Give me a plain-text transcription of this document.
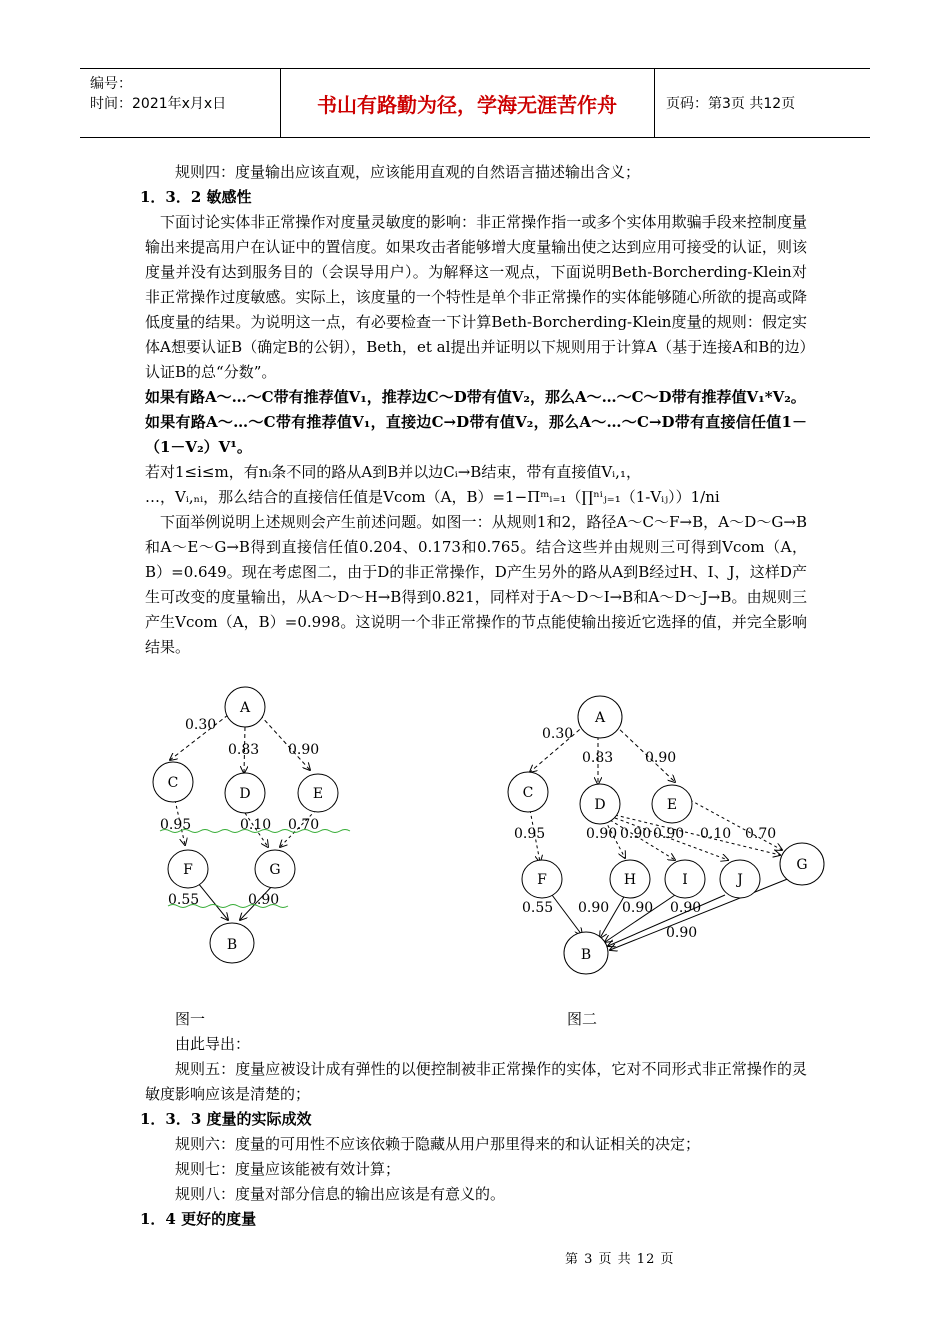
编号：
时间：2021年x月x日	书山有路勤为径，学海无涯苦作舟	页码：第3页 共12页

规则四：度量输出应该直观，应该能用直观的自然语言描述输出含义；

1．3．2 敏感性

下面讨论实体非正常操作对度量灵敏度的影响：非正常操作指一或多个实体用欺骗手段来控制度量输出来提高用户在认证中的置信度。如果攻击者能够增大度量输出使之达到应用可接受的认证，则该度量并没有达到服务目的（会误导用户）。为解释这一观点，下面说明Beth-Borcherding-Klein对非正常操作过度敏感。实际上，该度量的一个特性是单个非正常操作的实体能够随心所欲的提高或降低度量的结果。为说明这一点，有必要检查一下计算Beth-Borcherding-Klein度量的规则：假定实体A想要认证B（确定B的公钥），Beth，et al提出并证明以下规则用于计算A（基于连接A和B的边）认证B的总“分数”。

如果有路A～…～C带有推荐值V₁，推荐边C～D带有值V₂，那么A～…～C～D带有推荐值V₁*V₂。

如果有路A～…～C带有推荐值V₁，直接边C→D带有值V₂，那么A～…～C→D带有直接信任值1－（1－V₂）V¹。

若对1≤i≤m，有nᵢ条不同的路从A到B并以边Cᵢ→B结束，带有直接值Vᵢ,₁，

…，Vᵢ,ₙᵢ，那么结合的直接信任值是Vcom（A，B）=1−Πᵐᵢ₌₁（∏ⁿⁱⱼ₌₁（1-Vᵢⱼ））1/ni

下面举例说明上述规则会产生前述问题。如图一：从规则1和2，路径A～C～F→B，A～D～G→B和A～E～G→B得到直接信任值0.204、0.173和0.765。结合这些并由规则三可得到Vcom（A，B）=0.649。现在考虑图二，由于D的非正常操作，D产生另外的路从A到B经过H、I、J，这样D产生可改变的度量输出，从A～D～H→B得到0.821，同样对于A～D～I→B和A～D～J→B。由规则三产生Vcom（A，B）=0.998。这说明一个非正常操作的节点能使输出接近它选择的值，并完全影响结果。

A
C
D	E
F	G
B
0.30
0.83 0.90
0.95	0.10 0.70
0.55	0.90
A
C
D	E
F	H	I	J
G
B
0.30
0.83 0.90
0.95	0.90 0.90 0.90 0.10 0.70
0.55 0.90 0.90 0.90
0.90
图一	图二

由此导出：

规则五：度量应被设计成有弹性的以便控制被非正常操作的实体，它对不同形式非正常操作的灵敏度影响应该是清楚的；

1．3．3 度量的实际成效

规则六：度量的可用性不应该依赖于隐藏从用户那里得来的和认证相关的决定；

规则七：度量应该能被有效计算；

规则八：度量对部分信息的输出应该是有意义的。

1．4 更好的度量

第 3 页 共 12 页
